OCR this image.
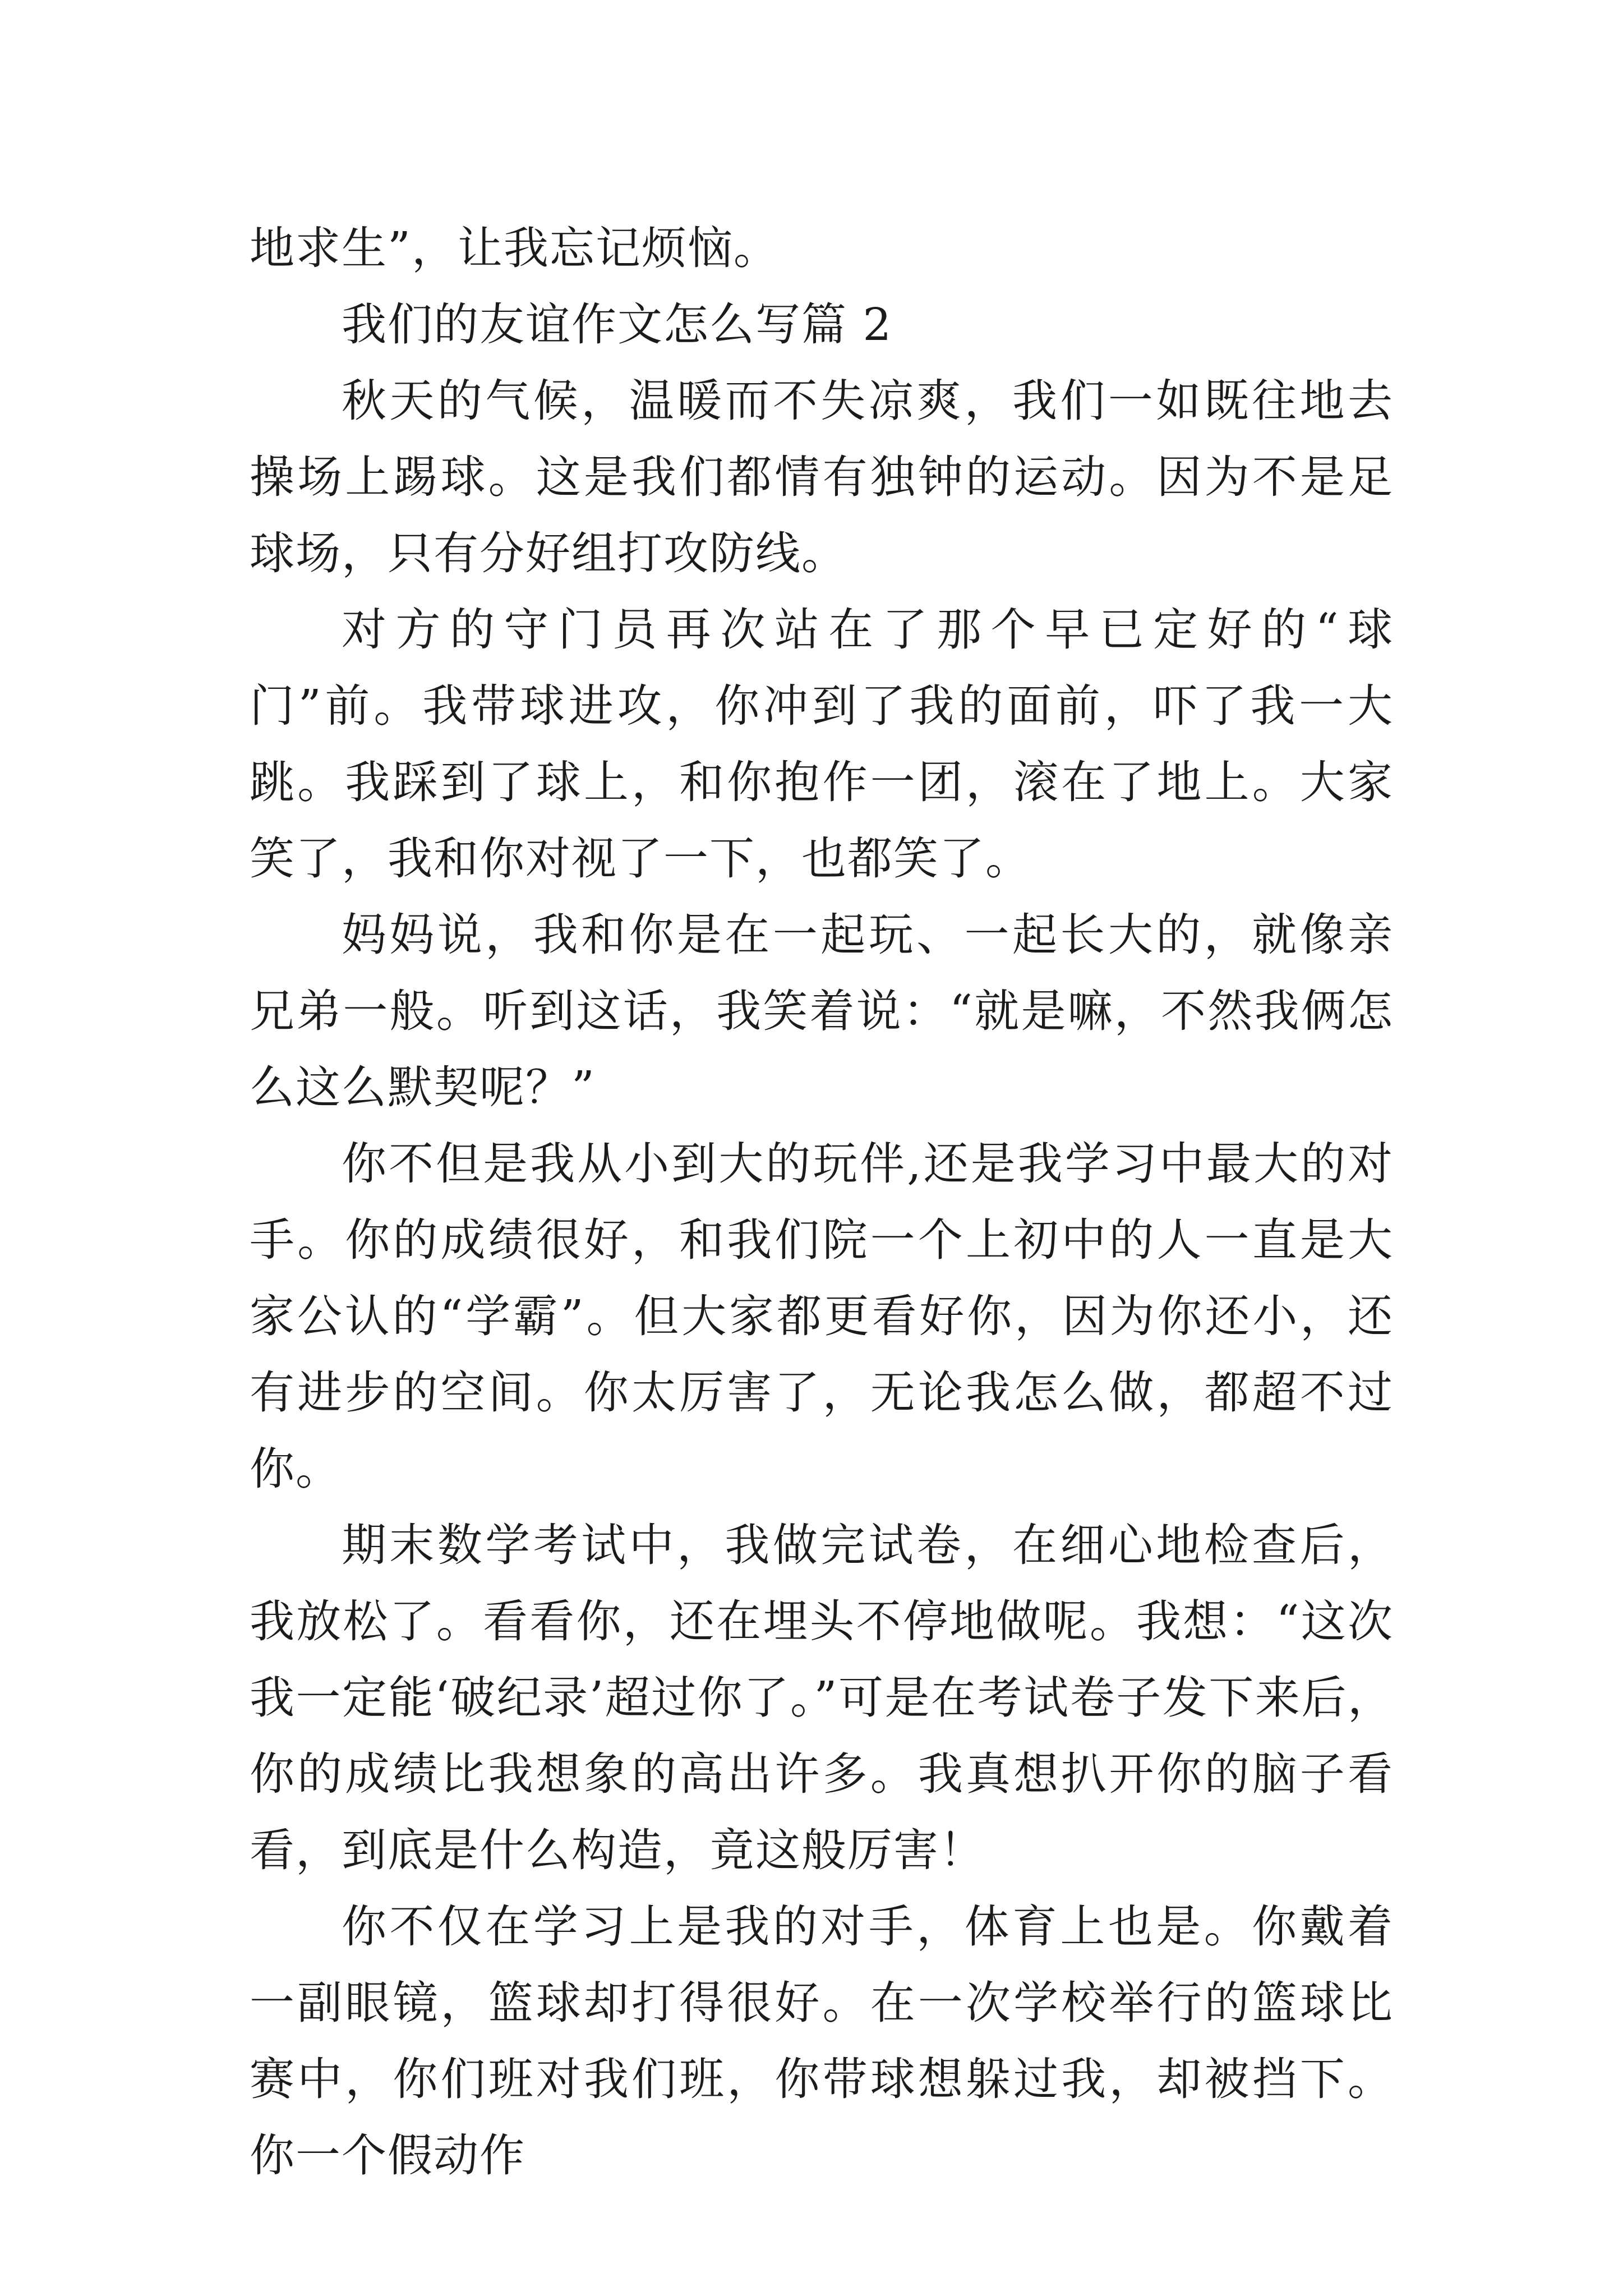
地求生”，让我忘记烦恼。

我们的友谊作文怎么写篇 2

秋天的气候，温暖而不失凉爽，我们一如既往地去操场上踢球。这是我们都情有独钟的运动。因为不是足球场，只有分好组打攻防线。

对方的守门员再次站在了那个早已定好的“球门”前。我带球进攻，你冲到了我的面前，吓了我一大跳。我踩到了球上，和你抱作一团，滚在了地上。大家笑了，我和你对视了一下，也都笑了。

妈妈说，我和你是在一起玩、一起长大的，就像亲兄弟一般。听到这话，我笑着说：“就是嘛，不然我俩怎么这么默契呢？”

你不但是我从小到大的玩伴,还是我学习中最大的对手。你的成绩很好，和我们院一个上初中的人一直是大家公认的“学霸”。但大家都更看好你，因为你还小，还有进步的空间。你太厉害了，无论我怎么做，都超不过你。

期末数学考试中，我做完试卷，在细心地检查后，我放松了。看看你，还在埋头不停地做呢。我想：“这次我一定能‘破纪录’超过你了。”可是在考试卷子发下来后，你的成绩比我想象的高出许多。我真想扒开你的脑子看看，到底是什么构造，竟这般厉害！

你不仅在学习上是我的对手，体育上也是。你戴着一副眼镜，篮球却打得很好。在一次学校举行的篮球比赛中，你们班对我们班，你带球想躲过我，却被挡下。你一个假动作
